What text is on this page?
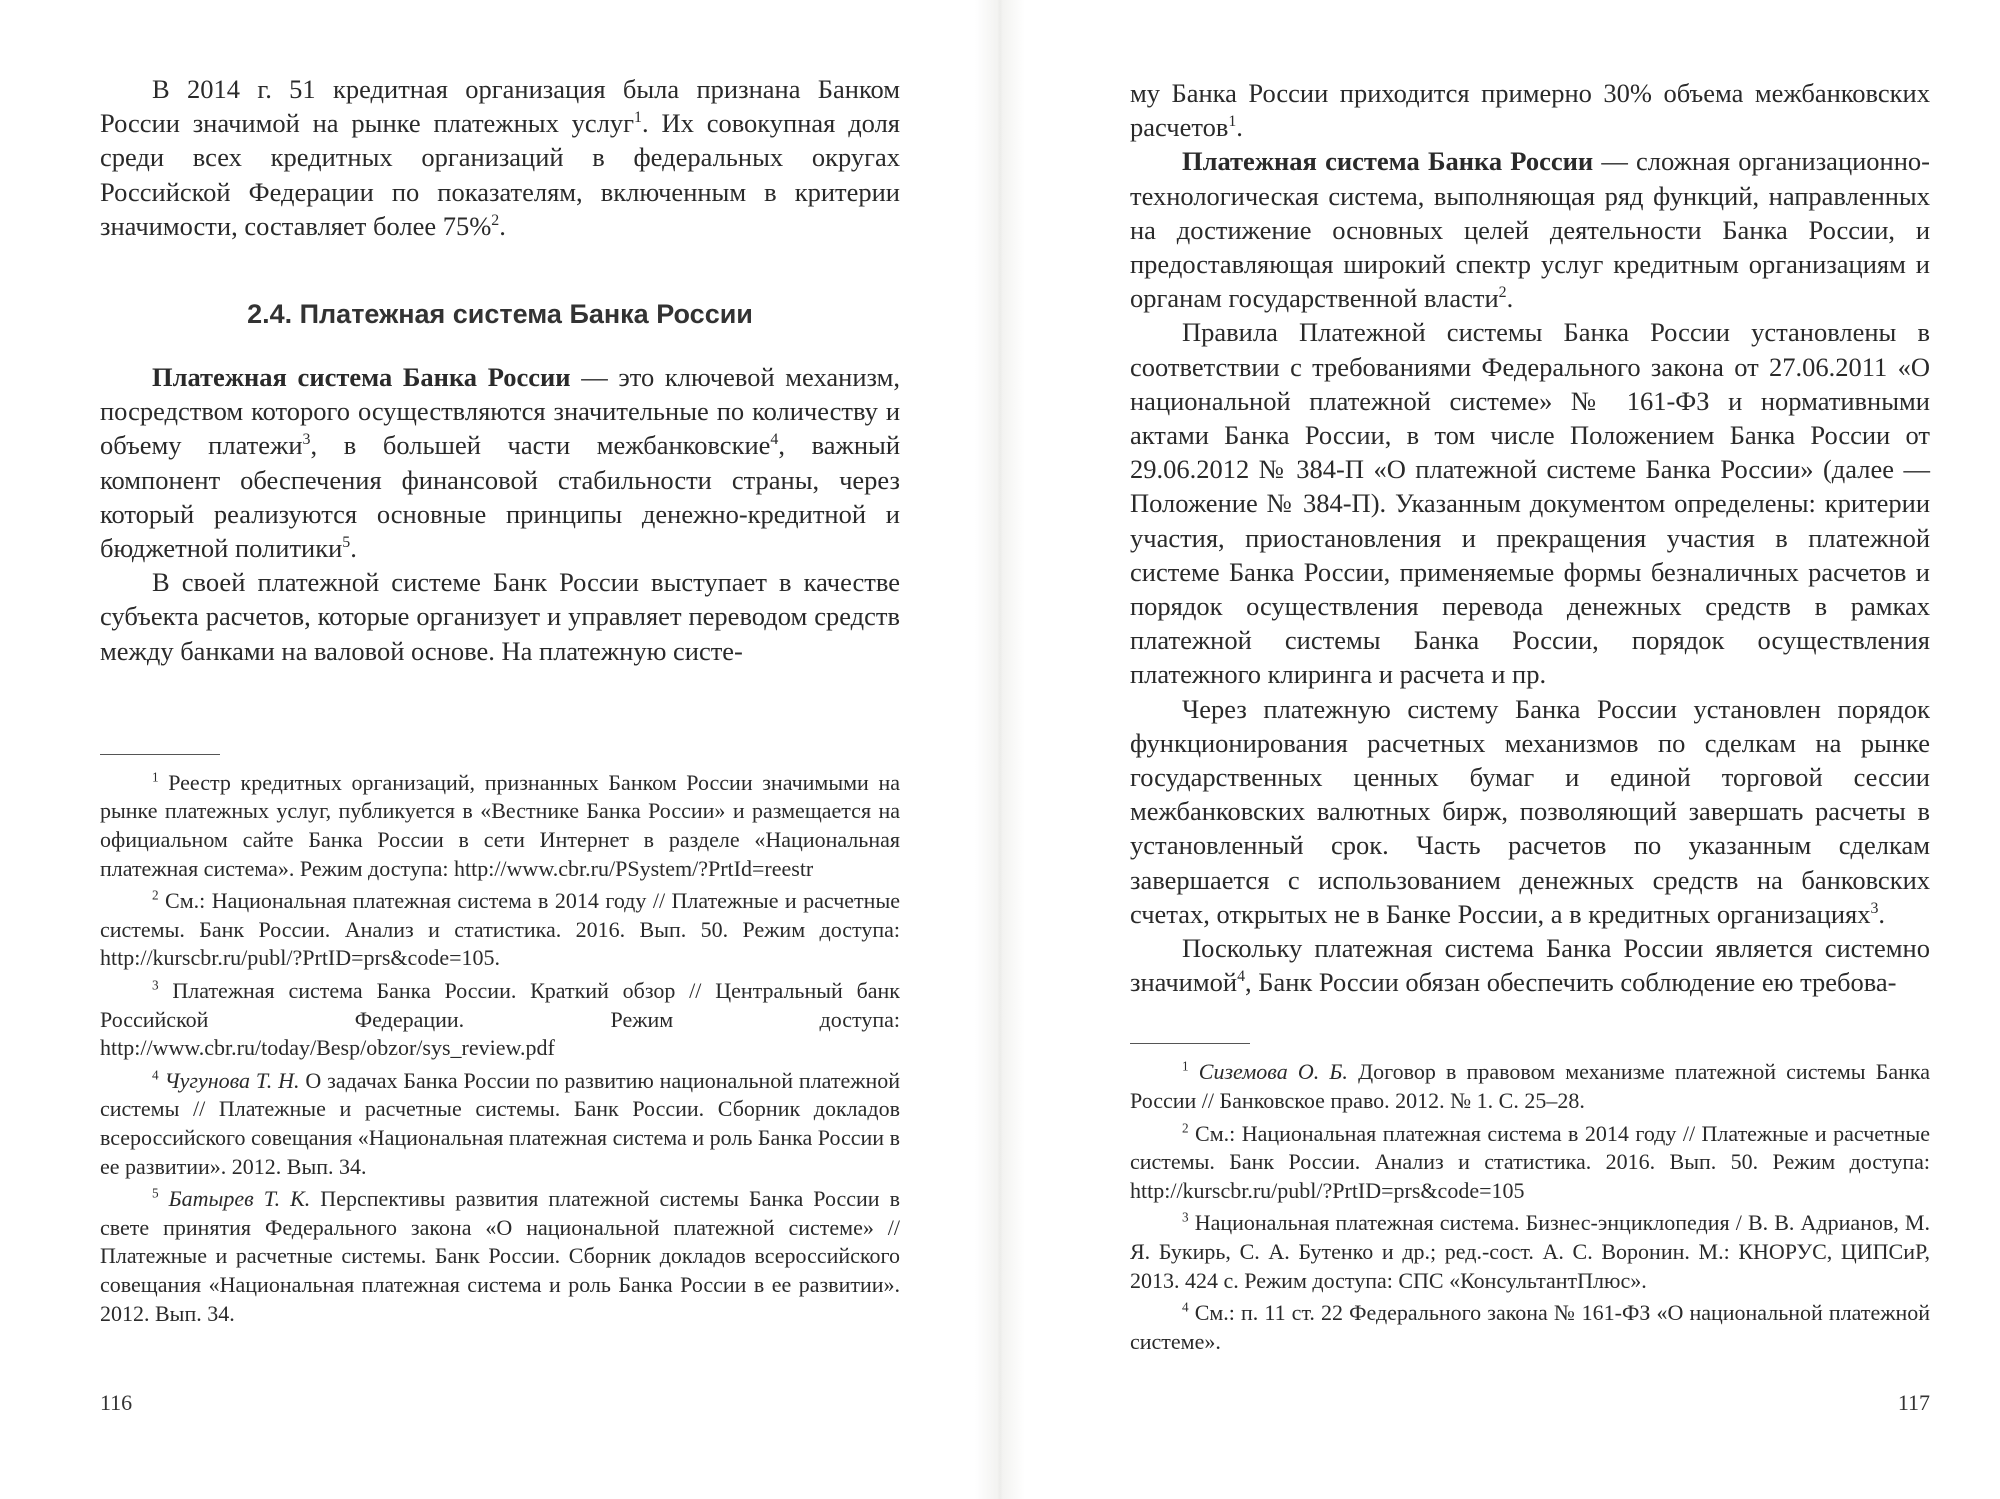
В 2014 г. 51 кредитная организация была признана Банком России значимой на рынке платежных услуг$^1$. Их совокупная доля среди всех кредитных организаций в федеральных округах Российской Федерации по показателям, включенным в критерии значимости, составляет более 75%$^2$.

2.4. Платежная система Банка России

Платежная система Банка России — это ключевой механизм, посредством которого осуществляются значительные по количеству и объему платежи$^3$, в большей части межбанковские$^4$, важный компонент обеспечения финансовой стабильности страны, через который реализуются основные принципы денежно-кредитной и бюджетной политики$^5$.

В своей платежной системе Банк России выступает в качестве субъекта расчетов, которые организует и управляет переводом средств между банками на валовой основе. На платежную систе-

$^1$ Реестр кредитных организаций, признанных Банком России значимыми на рынке платежных услуг, публикуется в «Вестнике Банка России» и размещается на официальном сайте Банка России в сети Интернет в разделе «Национальная платежная система». Режим доступа: http://www.cbr.ru/PSystem/?PrtId=reestr

$^2$ См.: Национальная платежная система в 2014 году // Платежные и расчетные системы. Банк России. Анализ и статистика. 2016. Вып. 50. Режим доступа: http://kurscbr.ru/publ/?PrtID=prs&code=105.

$^3$ Платежная система Банка России. Краткий обзор // Центральный банк Российской Федерации. Режим доступа: http://www.cbr.ru/today/Besp/obzor/sys_review.pdf

$^4$ Чугунова Т. Н. О задачах Банка России по развитию национальной платежной системы // Платежные и расчетные системы. Банк России. Сборник докладов всероссийского совещания «Национальная платежная система и роль Банка России в ее развитии». 2012. Вып. 34.

$^5$ Батырев Т. К. Перспективы развития платежной системы Банка России в свете принятия Федерального закона «О национальной платежной системе» // Платежные и расчетные системы. Банк России. Сборник докладов всероссийского совещания «Национальная платежная система и роль Банка России в ее развитии». 2012. Вып. 34.

116

му Банка России приходится примерно 30% объема межбанковских расчетов$^1$.

Платежная система Банка России — сложная организационно-технологическая система, выполняющая ряд функций, направленных на достижение основных целей деятельности Банка России, и предоставляющая широкий спектр услуг кредитным организациям и органам государственной власти$^2$.

Правила Платежной системы Банка России установлены в соответствии с требованиями Федерального закона от 27.06.2011 «О национальной платежной системе» № 161-ФЗ и нормативными актами Банка России, в том числе Положением Банка России от 29.06.2012 № 384-П «О платежной системе Банка России» (далее — Положение № 384-П). Указанным документом определены: критерии участия, приостановления и прекращения участия в платежной системе Банка России, применяемые формы безналичных расчетов и порядок осуществления перевода денежных средств в рамках платежной системы Банка России, порядок осуществления платежного клиринга и расчета и пр.

Через платежную систему Банка России установлен порядок функционирования расчетных механизмов по сделкам на рынке государственных ценных бумаг и единой торговой сессии межбанковских валютных бирж, позволяющий завершать расчеты в установленный срок. Часть расчетов по указанным сделкам завершается с использованием денежных средств на банковских счетах, открытых не в Банке России, а в кредитных организациях$^3$.

Поскольку платежная система Банка России является системно значимой$^4$, Банк России обязан обеспечить соблюдение ею требова-

$^1$ Сиземова О. Б. Договор в правовом механизме платежной системы Банка России // Банковское право. 2012. № 1. С. 25–28.

$^2$ См.: Национальная платежная система в 2014 году // Платежные и расчетные системы. Банк России. Анализ и статистика. 2016. Вып. 50. Режим доступа: http://kurscbr.ru/publ/?PrtID=prs&code=105

$^3$ Национальная платежная система. Бизнес-энциклопедия / В. В. Адрианов, М. Я. Букирь, С. А. Бутенко и др.; ред.-сост. А. С. Воронин. М.: КНОРУС, ЦИПСиР, 2013. 424 с. Режим доступа: СПС «КонсультантПлюс».

$^4$ См.: п. 11 ст. 22 Федерального закона № 161-ФЗ «О национальной платежной системе».

117
